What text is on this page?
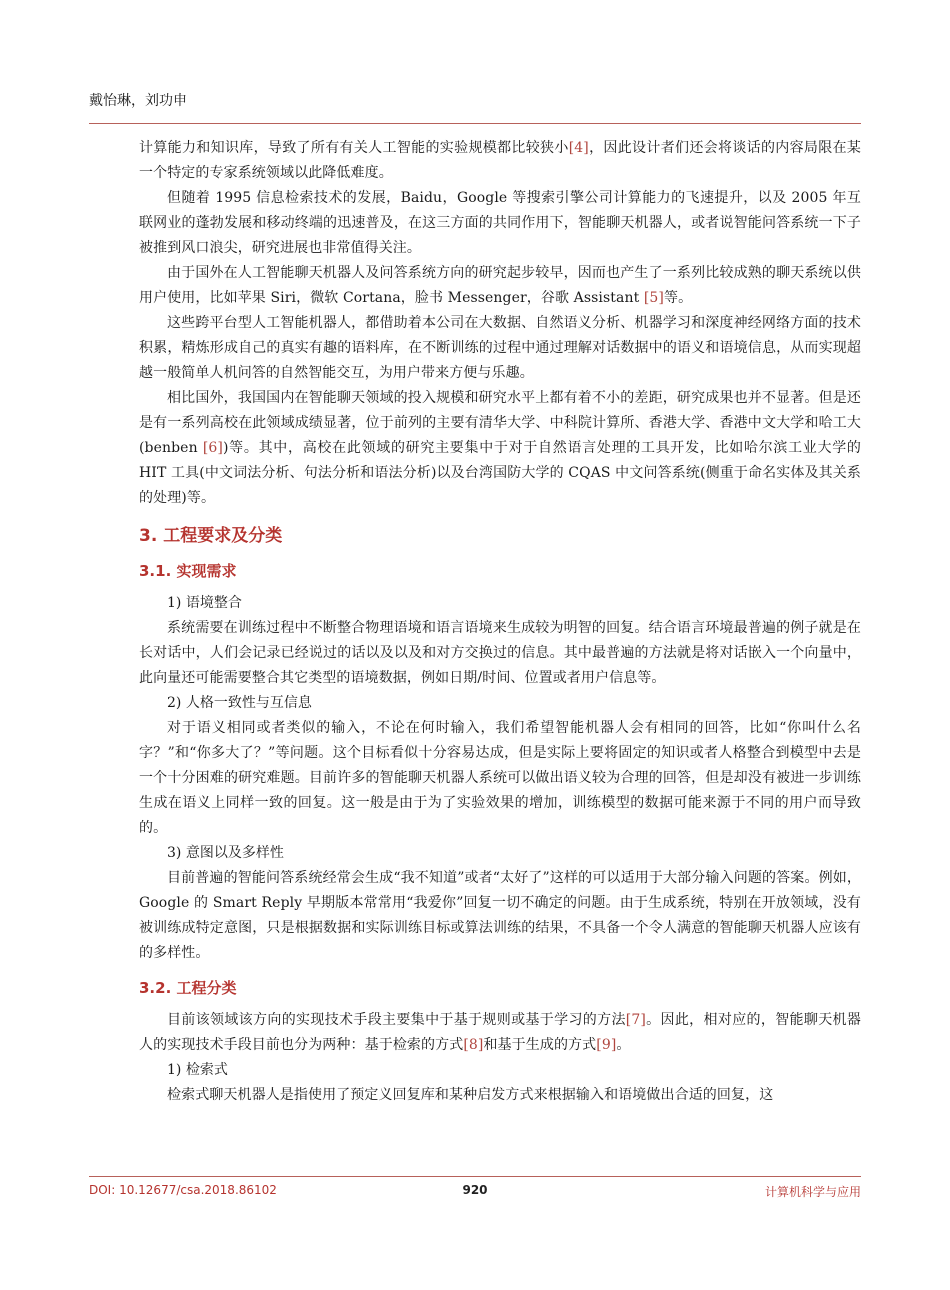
戴怡琳，刘功申

计算能力和知识库，导致了所有有关人工智能的实验规模都比较狭小[4]，因此设计者们还会将谈话的内容局限在某一个特定的专家系统领域以此降低难度。

但随着 1995 信息检索技术的发展，Baidu，Google 等搜索引擎公司计算能力的飞速提升，以及 2005 年互联网业的蓬勃发展和移动终端的迅速普及，在这三方面的共同作用下，智能聊天机器人，或者说智能问答系统一下子被推到风口浪尖，研究进展也非常值得关注。

由于国外在人工智能聊天机器人及问答系统方向的研究起步较早，因而也产生了一系列比较成熟的聊天系统以供用户使用，比如苹果 Siri，微软 Cortana，脸书 Messenger，谷歌 Assistant [5]等。

这些跨平台型人工智能机器人，都借助着本公司在大数据、自然语义分析、机器学习和深度神经网络方面的技术积累，精炼形成自己的真实有趣的语料库，在不断训练的过程中通过理解对话数据中的语义和语境信息，从而实现超越一般简单人机问答的自然智能交互，为用户带来方便与乐趣。

相比国外，我国国内在智能聊天领域的投入规模和研究水平上都有着不小的差距，研究成果也并不显著。但是还是有一系列高校在此领域成绩显著，位于前列的主要有清华大学、中科院计算所、香港大学、香港中文大学和哈工大(benben [6])等。其中，高校在此领域的研究主要集中于对于自然语言处理的工具开发，比如哈尔滨工业大学的 HIT 工具(中文词法分析、句法分析和语法分析)以及台湾国防大学的 CQAS 中文问答系统(侧重于命名实体及其关系的处理)等。

3. 工程要求及分类
3.1. 实现需求

1) 语境整合

系统需要在训练过程中不断整合物理语境和语言语境来生成较为明智的回复。结合语言环境最普遍的例子就是在长对话中，人们会记录已经说过的话以及以及和对方交换过的信息。其中最普遍的方法就是将对话嵌入一个向量中，此向量还可能需要整合其它类型的语境数据，例如日期/时间、位置或者用户信息等。

2) 人格一致性与互信息

对于语义相同或者类似的输入，不论在何时输入，我们希望智能机器人会有相同的回答，比如“你叫什么名字？”和“你多大了？”等问题。这个目标看似十分容易达成，但是实际上要将固定的知识或者人格整合到模型中去是一个十分困难的研究难题。目前许多的智能聊天机器人系统可以做出语义较为合理的回答，但是却没有被进一步训练生成在语义上同样一致的回复。这一般是由于为了实验效果的增加，训练模型的数据可能来源于不同的用户而导致的。

3) 意图以及多样性

目前普遍的智能问答系统经常会生成“我不知道”或者“太好了”这样的可以适用于大部分输入问题的答案。例如，Google 的 Smart Reply 早期版本常常用“我爱你”回复一切不确定的问题。由于生成系统，特别在开放领域，没有被训练成特定意图，只是根据数据和实际训练目标或算法训练的结果，不具备一个令人满意的智能聊天机器人应该有的多样性。

3.2. 工程分类

目前该领域该方向的实现技术手段主要集中于基于规则或基于学习的方法[7]。因此，相对应的，智能聊天机器人的实现技术手段目前也分为两种：基于检索的方式[8]和基于生成的方式[9]。

1) 检索式

检索式聊天机器人是指使用了预定义回复库和某种启发方式来根据输入和语境做出合适的回复，这

DOI: 10.12677/csa.2018.86102	920	计算机科学与应用
